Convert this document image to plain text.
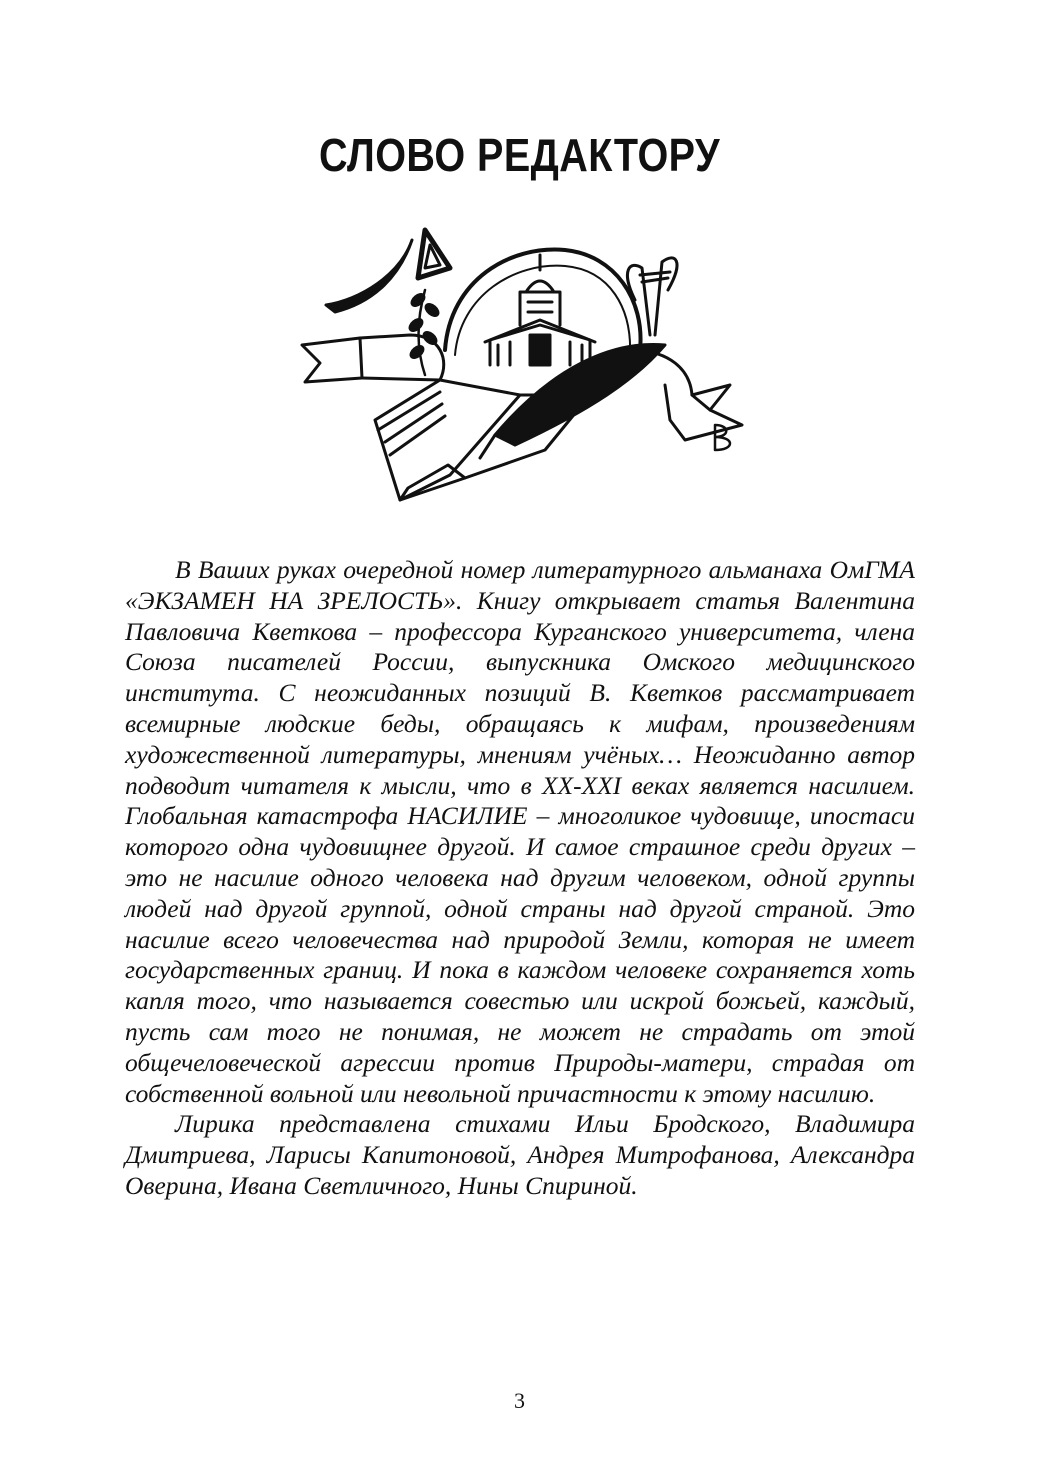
СЛОВО РЕДАКТОРУ

В Ваших руках очередной номер литературного альманаха ОмГМА «ЭКЗАМЕН НА ЗРЕЛОСТЬ». Книгу открывает статья Валентина Павловича Кветкова – профессора Курганского университета, члена Союза писателей России, выпускника Омского медицинского института. С неожиданных позиций В. Кветков рассматривает всемирные людские беды, обращаясь к мифам, произведениям художественной литературы, мнениям учёных… Неожиданно автор подводит читателя к мысли, что в XX-XXI веках является насилием. Глобальная катастрофа НАСИЛИЕ – многоликое чудовище, ипостаси которого одна чудовищнее другой. И самое страшное среди других – это не насилие одного человека над другим человеком, одной группы людей над другой группой, одной страны над другой страной. Это насилие всего человечества над природой Земли, которая не имеет государственных границ. И пока в каждом человеке сохраняется хоть капля того, что называется совестью или искрой божьей, каждый, пусть сам того не понимая, не может не страдать от этой общечеловеческой агрессии против Природы-матери, страдая от собственной вольной или невольной причастности к этому насилию.

Лирика представлена стихами Ильи Бродского, Владимира Дмитриева, Ларисы Капитоновой, Андрея Митрофанова, Александра Оверина, Ивана Светличного, Нины Спириной.

3
